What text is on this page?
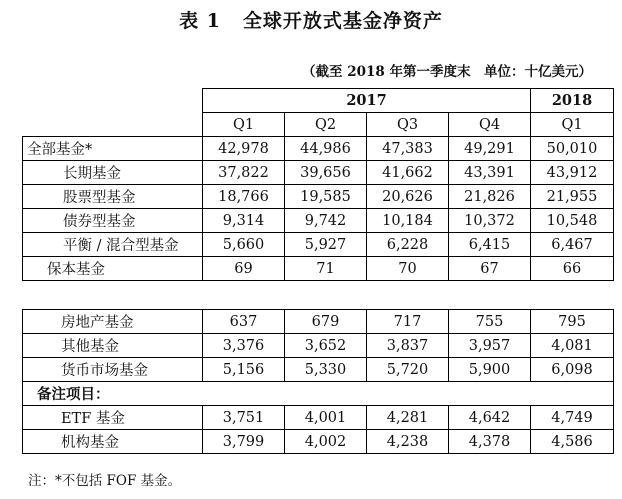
表 1 全球开放式基金净资产
（截至 2018 年第一季度末　单位：十亿美元）
	2017				2018
	Q1	Q2	Q3	Q4	Q1
全部基金*	42,978	44,986	47,383	49,291	50,010
长期基金	37,822	39,656	41,662	43,391	43,912
股票型基金	18,766	19,585	20,626	21,826	21,955
债券型基金	9,314	9,742	10,184	10,372	10,548
平衡 / 混合型基金	5,660	5,927	6,228	6,415	6,467
保本基金	69	71	70	67	66
房地产基金	637	679	717	755	795
其他基金	3,376	3,652	3,837	3,957	4,081
货币市场基金	5,156	5,330	5,720	5,900	6,098
备注项目：					
ETF 基金	3,751	4,001	4,281	4,642	4,749
机构基金	3,799	4,002	4,238	4,378	4,586
注：*不包括 FOF 基金。
